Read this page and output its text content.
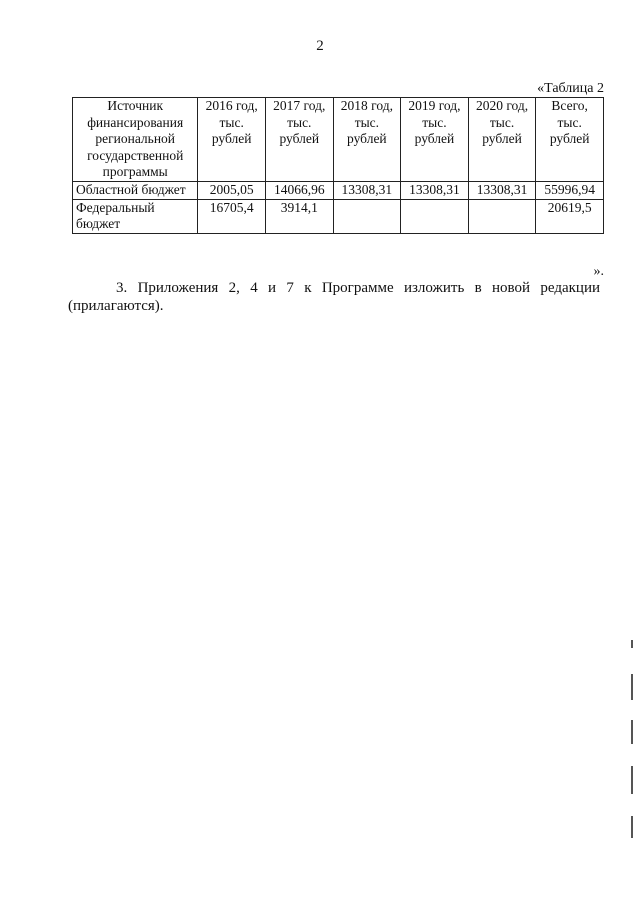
2
«Таблица 2
Источник финансирования региональной государственной программы	2016 год, тыс. рублей	2017 год, тыс. рублей	2018 год, тыс. рублей	2019 год, тыс. рублей	2020 год, тыс. рублей	Всего, тыс. рублей
Областной бюджет	2005,05	14066,96	13308,31	13308,31	13308,31	55996,94
Федеральный бюджет	16705,4	3914,1				20619,5
».
3. Приложения 2, 4 и 7 к Программе изложить в новой редакции (прилагаются).
